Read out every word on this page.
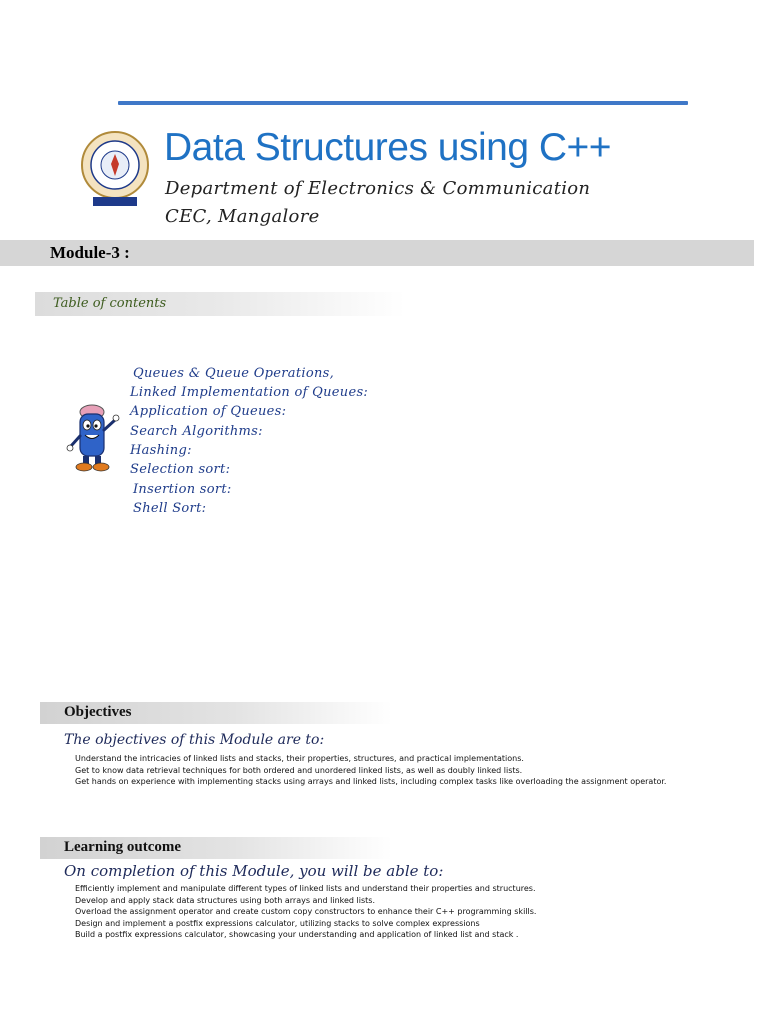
Data Structures using C++
Department of Electronics & Communication
CEC, Mangalore
Module-3 :
Table of contents
Queues & Queue Operations,
Linked Implementation of Queues:
Application of Queues:
Search Algorithms:
Hashing:
Selection sort:
Insertion sort:
Shell Sort:
Objectives
The objectives of this Module are to:
Understand the intricacies of linked lists and stacks, their properties, structures, and practical implementations.
Get to know data retrieval techniques for both ordered and unordered linked lists, as well as doubly linked lists.
Get hands on experience with implementing stacks using arrays and linked lists, including complex tasks like overloading the assignment operator.
Learning outcome
On completion of this Module, you will be able to:
Efficiently implement and manipulate different types of linked lists and understand their properties and structures.
Develop and apply stack data structures using both arrays and linked lists.
Overload the assignment operator and create custom copy constructors to enhance their C++ programming skills.
Design and implement a postfix expressions calculator, utilizing stacks to solve complex expressions
Build a postfix expressions calculator, showcasing your understanding and application of linked list and stack .
